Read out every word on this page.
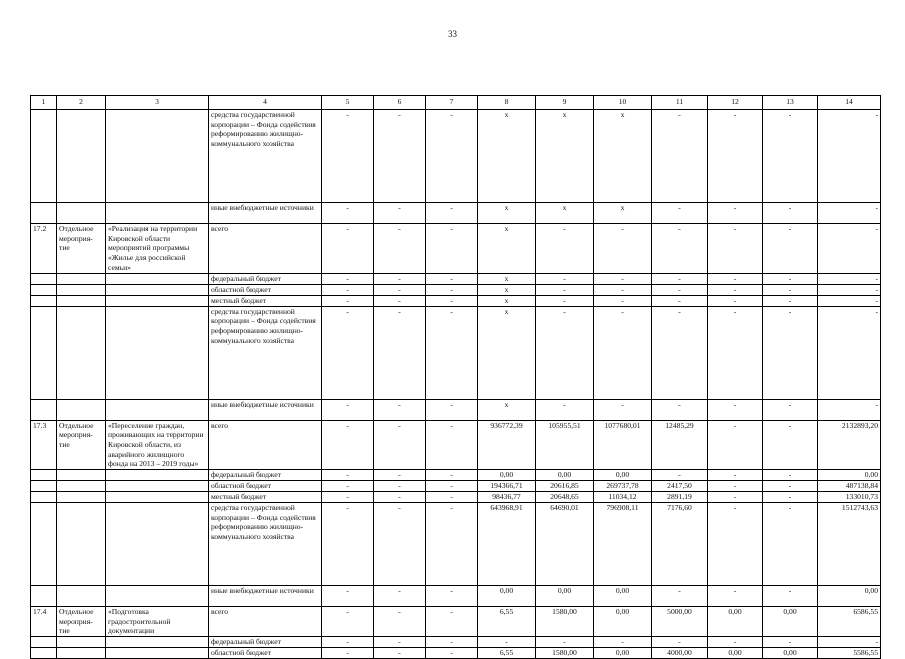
33
1	2	3	4	5	6	7	8	9	10	11	12	13	14
			средства государственной корпорации – Фонда содействия реформированию жилищно-коммунального хозяйства	-	-	-	х	х	х	-	-	-	-
			иные внебюджетные источники	-	-	-	х	х	х	-	-	-	-
17.2	Отдельное мероприя-тие	«Реализация на территории Кировской области мероприятий программы «Жилье для российской семьи»	всего	-	-	-	х	-	-	-	-	-	-
			федеральный бюджет	-	-	-	х	-	-	-	-	-	-
			областной бюджет	-	-	-	х	-	-	-	-	-	-
			местный бюджет	-	-	-	х	-	-	-	-	-	-
			средства государственной корпорации – Фонда содействия реформированию жилищно-коммунального хозяйства	-	-	-	х	-	-	-	-	-	-
			иные внебюджетные источники	-	-	-	х	-	-	-	-	-	-
17.3	Отдельное мероприя-тие	«Переселение граждан, проживающих на территории Кировской области, из аварийного жилищного фонда на 2013 – 2019 годы»	всего	-	-	-	936772,39	105955,51	1077680,01	12485,29	-	-	2132893,20
			федеральный бюджет	-	-	-	0,00	0,00	0,00	-	-	-	0,00
			областной бюджет	-	-	-	194366,71	20616,85	269737,78	2417,50	-	-	487138,84
			местный бюджет	-	-	-	98436,77	20648,65	11034,12	2891,19	-	-	133010,73
			средства государственной корпорации – Фонда содействия реформированию жилищно-коммунального хозяйства	-	-	-	643968,91	64690,01	796908,11	7176,60	-	-	1512743,63
			иные внебюджетные источники	-	-	-	0,00	0,00	0,00	-	-	-	0,00
17.4	Отдельное мероприя-тие	«Подготовка градостроительной документации	всего	-	-	-	6,55	1580,00	0,00	5000,00	0,00	0,00	6586,55
			федеральный бюджет	-	-	-	-	-	-	-	-	-	-
			областной бюджет	-	-	-	6,55	1580,00	0,00	4000,00	0,00	0,00	5586,55
